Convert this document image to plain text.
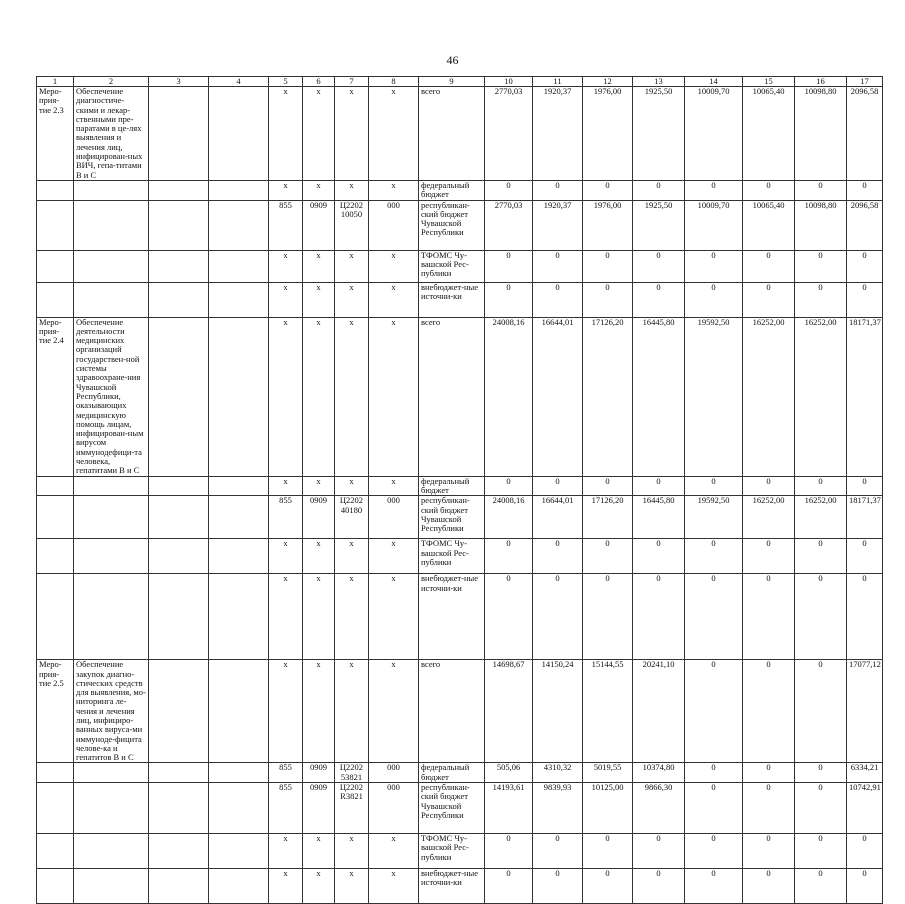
46
1	2	3	4	5	6	7	8	9	10	11	12	13	14	15	16	17
Меро-прия-тие 2.3	Обеспечение диагностиче-скими и лекар-ственными пре-паратами в це-лях выявления и лечения лиц, инфицирован-ных ВИЧ, гепа-титами В и С			x	x	x	x	всего	2770,03	1920,37	1976,00	1925,50	10009,70	10065,40	10098,80	2096,58
				x	x	x	x	федеральный бюджет	0	0	0	0	0	0	0	0
				855	0909	Ц2202 10050	000	республикан-ский бюджет Чувашской Республики	2770,03	1920,37	1976,00	1925,50	10009,70	10065,40	10098,80	2096,58
				x	x	x	x	ТФОМС Чу-вашской Рес-публики	0	0	0	0	0	0	0	0
				x	x	x	x	внебюджет-ные источни-ки	0	0	0	0	0	0	0	0
Меро-прия-тие 2.4	Обеспечение деятельности медицинских организаций государствен-ной системы здравоохране-ния Чувашской Республики, оказывающих медицинскую помощь лицам, инфицирован-ным вирусом иммунодефици-та человека, гепатитами В и С			x	x	x	x	всего	24008,16	16644,01	17126,20	16445,80	19592,50	16252,00	16252,00	18171,37
				x	x	x	x	федеральный бюджет	0	0	0	0	0	0	0	0
				855	0909	Ц2202 40180	000	республикан-ский бюджет Чувашской Республики	24008,16	16644,01	17126,20	16445,80	19592,50	16252,00	16252,00	18171,37
				x	x	x	x	ТФОМС Чу-вашской Рес-публики	0	0	0	0	0	0	0	0
				x	x	x	x	внебюджет-ные источни-ки	0	0	0	0	0	0	0	0
Меро-прия-тие 2.5	Обеспечение закупок диагно-стических средств для выявления, мо-ниторинга ле-чения и лечения лиц, инфициро-ванных вируса-ми иммуноде-фицита челове-ка и гепатитов В и С			x	x	x	x	всего	14698,67	14150,24	15144,55	20241,10	0	0	0	17077,12
				855	0909	Ц2202 53821	000	федеральный бюджет	505,06	4310,32	5019,55	10374,80	0	0	0	6334,21
				855	0909	Ц2202 R3821	000	республикан-ский бюджет Чувашской Республики	14193,61	9839,93	10125,00	9866,30	0	0	0	10742,91
				x	x	x	x	ТФОМС Чу-вашской Рес-публики	0	0	0	0	0	0	0	0
				x	x	x	x	внебюджет-ные источни-ки	0	0	0	0	0	0	0	0
